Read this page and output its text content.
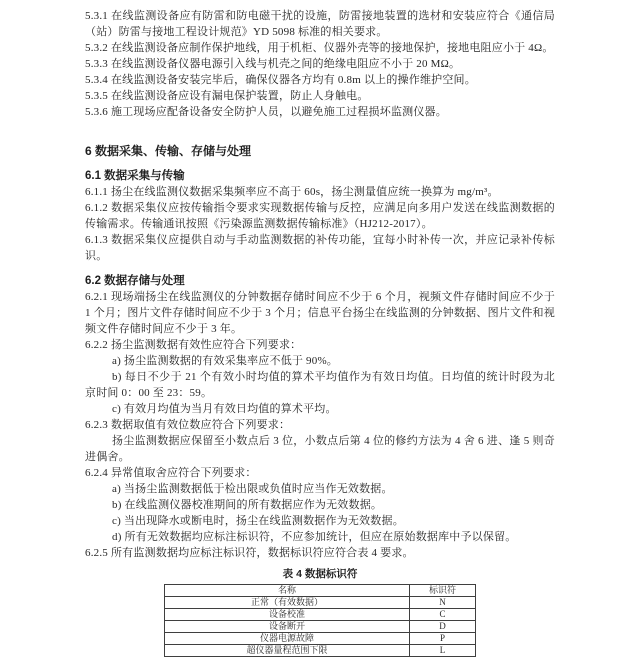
5.3.1 在线监测设备应有防雷和防电磁干扰的设施，防雷接地装置的选材和安装应符合《通信局（站）防雷与接地工程设计规范》YD 5098 标准的相关要求。

5.3.2 在线监测设备应制作保护地线，用于机柜、仪器外壳等的接地保护，接地电阻应小于 4Ω。

5.3.3 在线监测设备仪器电源引入线与机壳之间的绝缘电阻应不小于 20 MΩ。

5.3.4 在线监测设备安装完毕后，确保仪器各方均有 0.8m 以上的操作维护空间。

5.3.5 在线监测设备应设有漏电保护装置，防止人身触电。

5.3.6 施工现场应配备设备安全防护人员，以避免施工过程损坏监测仪器。

6 数据采集、传输、存储与处理

6.1 数据采集与传输

6.1.1 扬尘在线监测仪数据采集频率应不高于 60s，扬尘测量值应统一换算为 mg/m³。

6.1.2 数据采集仪应按传输指令要求实现数据传输与反控，应满足向多用户发送在线监测数据的传输需求。传输通讯按照《污染源监测数据传输标准》（HJ212-2017）。

6.1.3 数据采集仪应提供自动与手动监测数据的补传功能，宜每小时补传一次，并应记录补传标识。

6.2 数据存储与处理

6.2.1 现场端扬尘在线监测仪的分钟数据存储时间应不少于 6 个月，视频文件存储时间应不少于 1 个月；图片文件存储时间应不少于 3 个月；信息平台扬尘在线监测的分钟数据、图片文件和视频文件存储时间应不少于 3 年。

6.2.2 扬尘监测数据有效性应符合下列要求：

a) 扬尘监测数据的有效采集率应不低于 90%。

b) 每日不少于 21 个有效小时均值的算术平均值作为有效日均值。日均值的统计时段为北京时间 0：00 至 23：59。

c) 有效月均值为当月有效日均值的算术平均。

6.2.3 数据取值有效位数应符合下列要求：

扬尘监测数据应保留至小数点后 3 位，小数点后第 4 位的修约方法为 4 舍 6 进、逢 5 则奇进偶舍。

6.2.4 异常值取舍应符合下列要求：

a) 当扬尘监测数据低于检出限或负值时应当作无效数据。

b) 在线监测仪器校准期间的所有数据应作为无效数据。

c) 当出现降水或断电时，扬尘在线监测数据作为无效数据。

d) 所有无效数据均应标注标识符，不应参加统计，但应在原始数据库中予以保留。

6.2.5 所有监测数据均应标注标识符，数据标识符应符合表 4 要求。

表 4 数据标识符

名称	标识符
正常（有效数据）	N
设备校准	C
设备断开	D
仪器电源故障	P
超仪器量程范围下限	L
